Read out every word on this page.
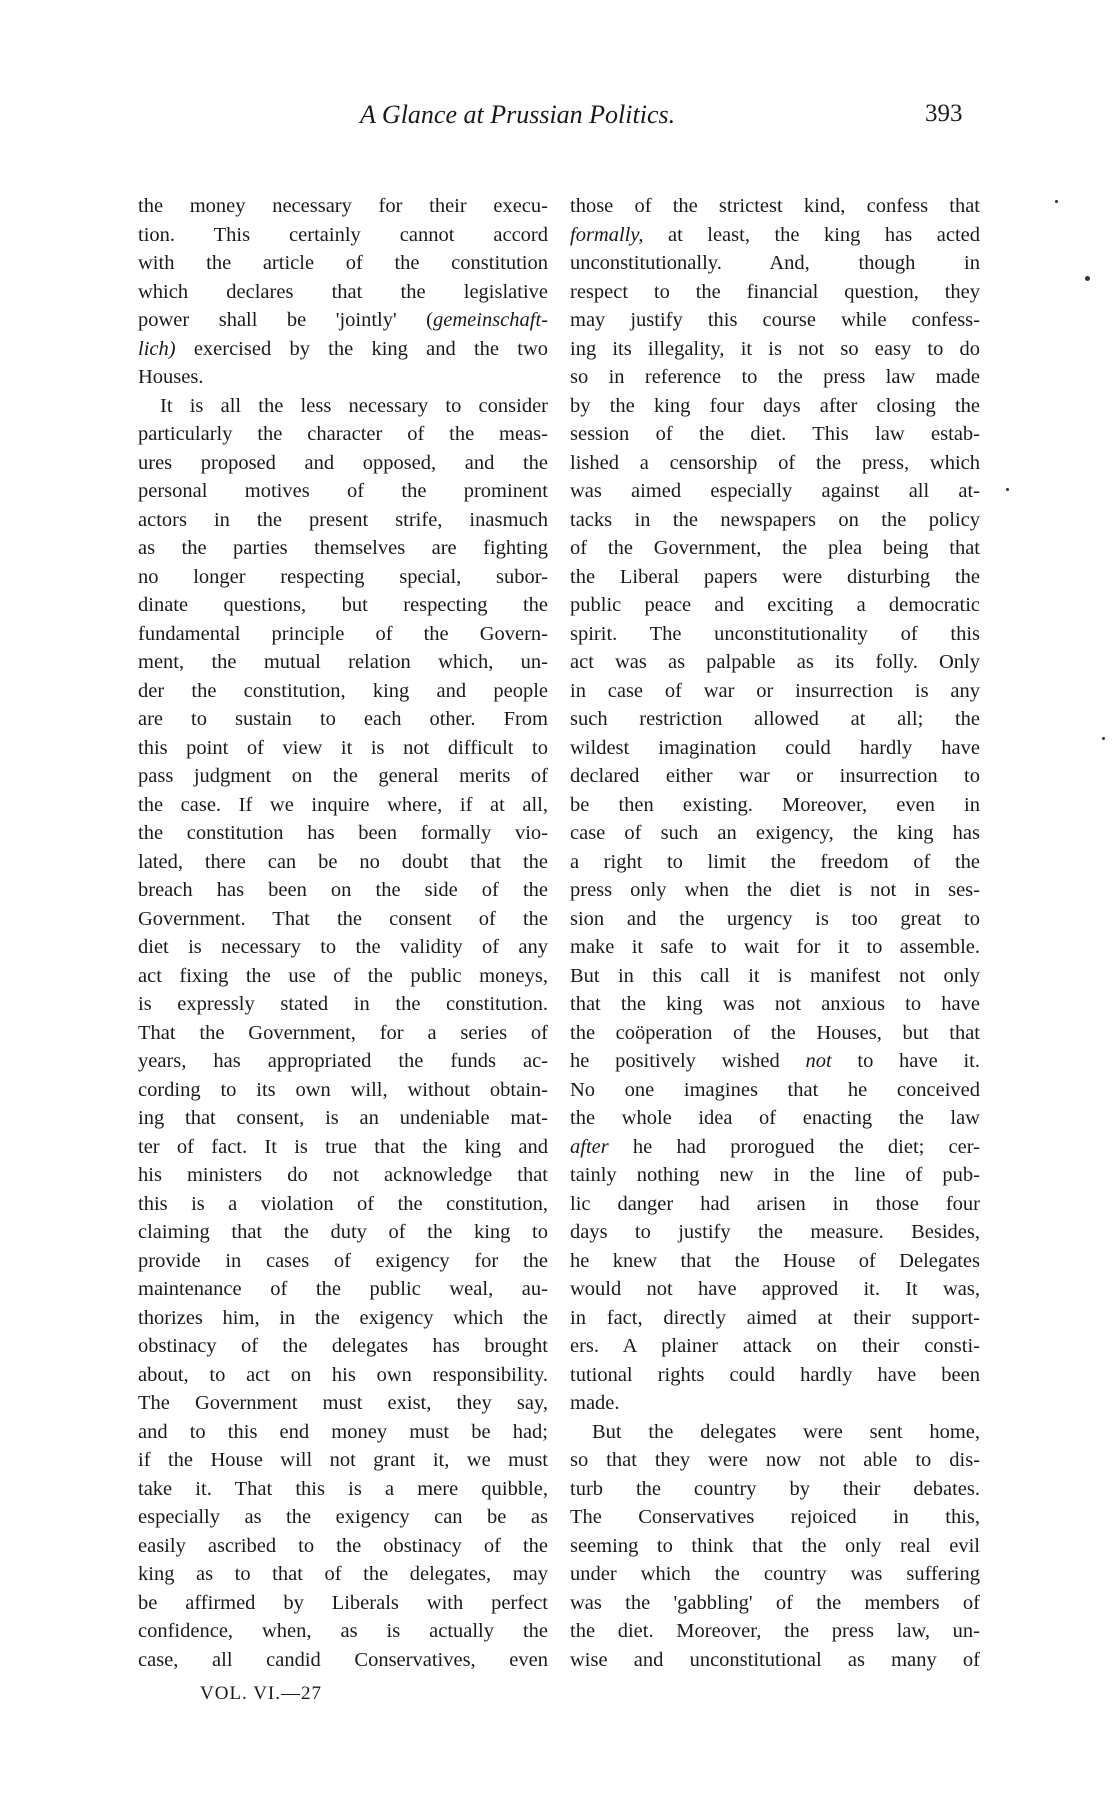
A Glance at Prussian Politics.	393
the money necessary for their execu-
tion. This certainly cannot accord
with the article of the constitution
which declares that the legislative
power shall be 'jointly' (gemeinschaft-
lich) exercised by the king and the two
Houses.
It is all the less necessary to consider
particularly the character of the meas-
ures proposed and opposed, and the
personal motives of the prominent
actors in the present strife, inasmuch
as the parties themselves are fighting
no longer respecting special, subor-
dinate questions, but respecting the
fundamental principle of the Govern-
ment, the mutual relation which, un-
der the constitution, king and people
are to sustain to each other. From
this point of view it is not difficult to
pass judgment on the general merits of
the case. If we inquire where, if at all,
the constitution has been formally vio-
lated, there can be no doubt that the
breach has been on the side of the
Government. That the consent of the
diet is necessary to the validity of any
act fixing the use of the public moneys,
is expressly stated in the constitution.
That the Government, for a series of
years, has appropriated the funds ac-
cording to its own will, without obtain-
ing that consent, is an undeniable mat-
ter of fact. It is true that the king and
his ministers do not acknowledge that
this is a violation of the constitution,
claiming that the duty of the king to
provide in cases of exigency for the
maintenance of the public weal, au-
thorizes him, in the exigency which the
obstinacy of the delegates has brought
about, to act on his own responsibility.
The Government must exist, they say,
and to this end money must be had;
if the House will not grant it, we must
take it. That this is a mere quibble,
especially as the exigency can be as
easily ascribed to the obstinacy of the
king as to that of the delegates, may
be affirmed by Liberals with perfect
confidence, when, as is actually the
case, all candid Conservatives, even
those of the strictest kind, confess that
formally, at least, the king has acted
unconstitutionally. And, though in
respect to the financial question, they
may justify this course while confess-
ing its illegality, it is not so easy to do
so in reference to the press law made
by the king four days after closing the
session of the diet. This law estab-
lished a censorship of the press, which
was aimed especially against all at-
tacks in the newspapers on the policy
of the Government, the plea being that
the Liberal papers were disturbing the
public peace and exciting a democratic
spirit. The unconstitutionality of this
act was as palpable as its folly. Only
in case of war or insurrection is any
such restriction allowed at all; the
wildest imagination could hardly have
declared either war or insurrection to
be then existing. Moreover, even in
case of such an exigency, the king has
a right to limit the freedom of the
press only when the diet is not in ses-
sion and the urgency is too great to
make it safe to wait for it to assemble.
But in this call it is manifest not only
that the king was not anxious to have
the coöperation of the Houses, but that
he positively wished not to have it.
No one imagines that he conceived
the whole idea of enacting the law
after he had prorogued the diet; cer-
tainly nothing new in the line of pub-
lic danger had arisen in those four
days to justify the measure. Besides,
he knew that the House of Delegates
would not have approved it. It was,
in fact, directly aimed at their support-
ers. A plainer attack on their consti-
tutional rights could hardly have been
made.
But the delegates were sent home,
so that they were now not able to dis-
turb the country by their debates.
The Conservatives rejoiced in this,
seeming to think that the only real evil
under which the country was suffering
was the 'gabbling' of the members of
the diet. Moreover, the press law, un-
wise and unconstitutional as many of
VOL. VI.—27
